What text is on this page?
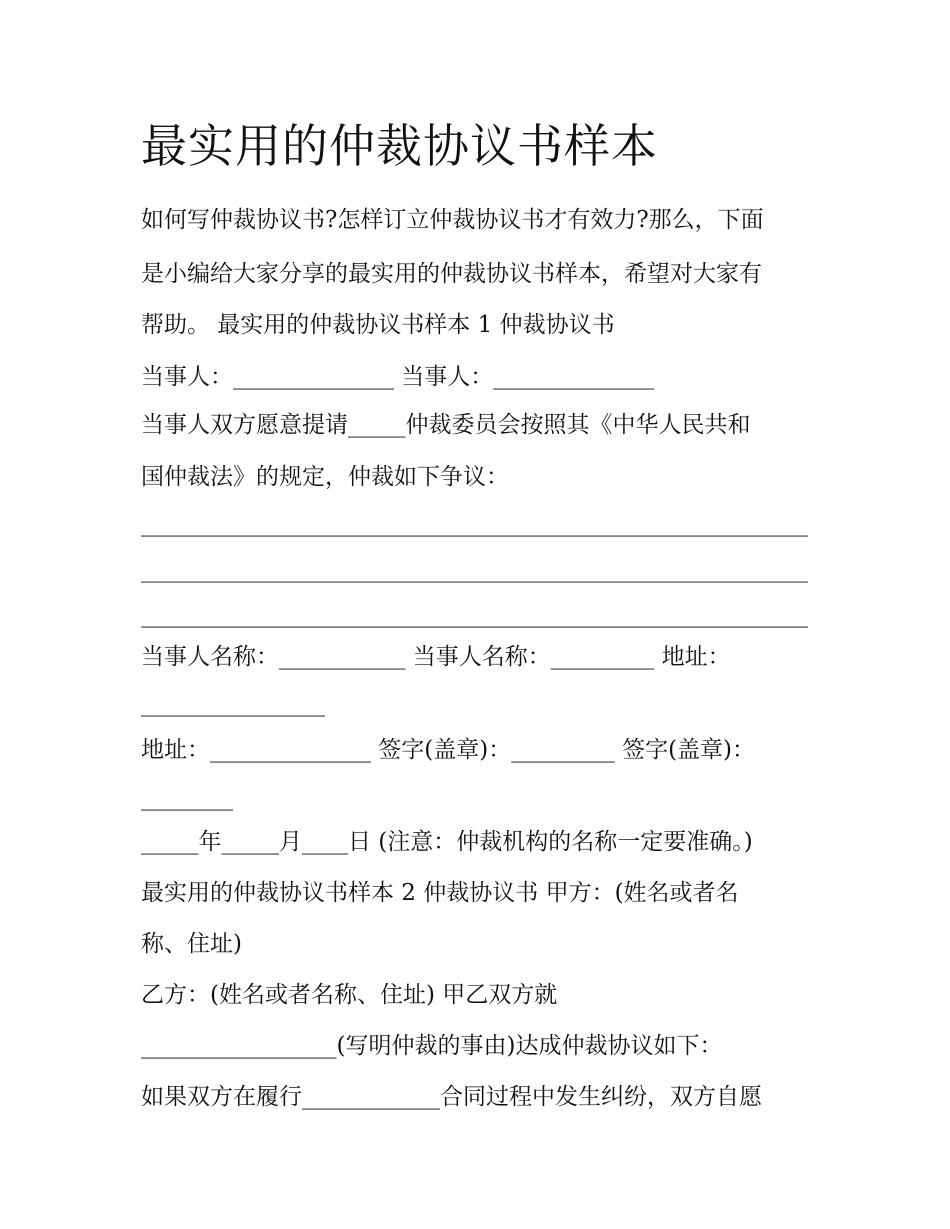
最实用的仲裁协议书样本
如何写仲裁协议书?怎样订立仲裁协议书才有效力?那么，下面
是小编给大家分享的最实用的仲裁协议书样本，希望对大家有
帮助。 最实用的仲裁协议书样本 1 仲裁协议书
当事人：______________ 当事人：______________
当事人双方愿意提请_____仲裁委员会按照其《中华人民共和
国仲裁法》的规定，仲裁如下争议：
__________________________________________________________
__________________________________________________________
__________________________________________________________
当事人名称：___________ 当事人名称：_________ 地址：
________________
地址：______________ 签字(盖章)：_________ 签字(盖章)：
________
_____年_____月____日 (注意：仲裁机构的名称一定要准确。)
最实用的仲裁协议书样本 2 仲裁协议书 甲方：(姓名或者名
称、住址)
乙方：(姓名或者名称、住址) 甲乙双方就
_________________(写明仲裁的事由)达成仲裁协议如下：
如果双方在履行____________合同过程中发生纠纷，双方自愿
